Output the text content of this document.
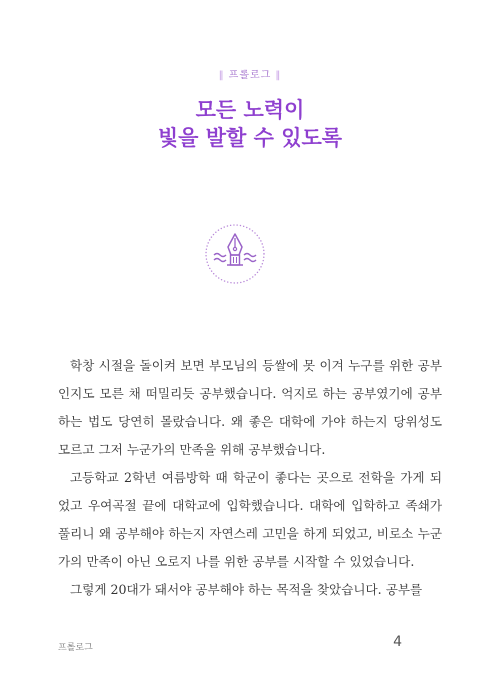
‖ 프롤로그 ‖
모든 노력이
빛을 발할 수 있도록

학창 시절을 돌이켜 보면 부모님의 등쌀에 못 이겨 누구를 위한 공부인지도 모른 채 떠밀리듯 공부했습니다. 억지로 하는 공부였기에 공부하는 법도 당연히 몰랐습니다. 왜 좋은 대학에 가야 하는지 당위성도 모르고 그저 누군가의 만족을 위해 공부했습니다.

고등학교 2학년 여름방학 때 학군이 좋다는 곳으로 전학을 가게 되었고 우여곡절 끝에 대학교에 입학했습니다. 대학에 입학하고 족쇄가 풀리니 왜 공부해야 하는지 자연스레 고민을 하게 되었고, 비로소 누군가의 만족이 아닌 오로지 나를 위한 공부를 시작할 수 있었습니다.

그렇게 20대가 돼서야 공부해야 하는 목적을 찾았습니다. 공부를

프롤로그	4
